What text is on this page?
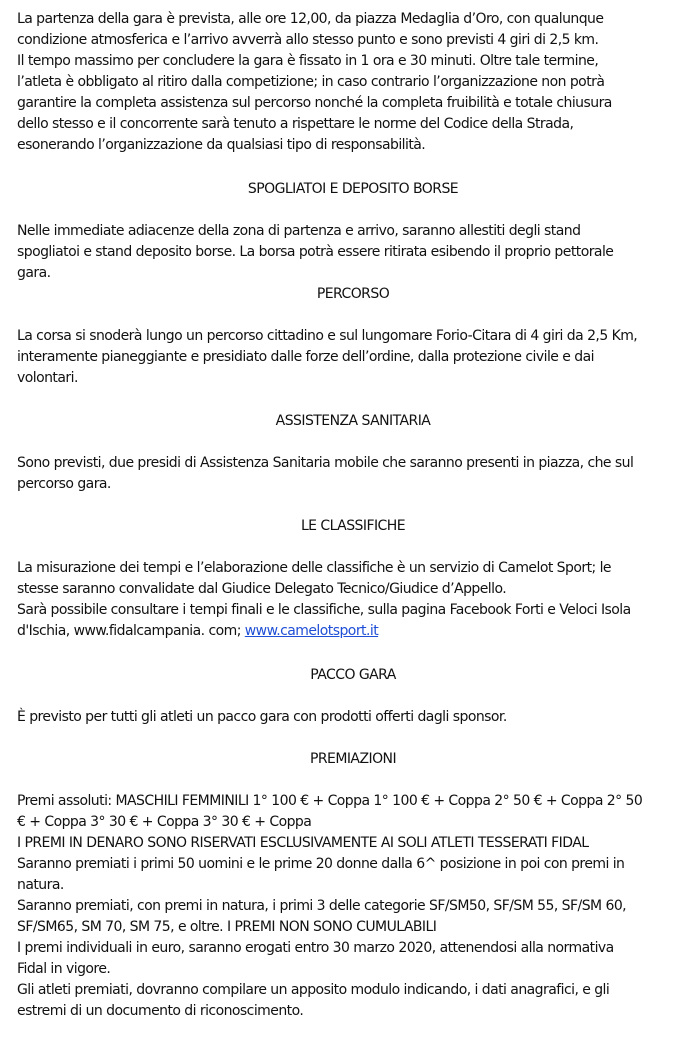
La partenza della gara è prevista, alle ore 12,00, da piazza Medaglia d’Oro, con qualunque
condizione atmosferica e l’arrivo avverrà allo stesso punto e sono previsti 4 giri di 2,5 km.
Il tempo massimo per concludere la gara è fissato in 1 ora e 30 minuti. Oltre tale termine,
l’atleta è obbligato al ritiro dalla competizione; in caso contrario l’organizzazione non potrà
garantire la completa assistenza sul percorso nonché la completa fruibilità e totale chiusura
dello stesso e il concorrente sarà tenuto a rispettare le norme del Codice della Strada,
esonerando l’organizzazione da qualsiasi tipo di responsabilità.
SPOGLIATOI E DEPOSITO BORSE
Nelle immediate adiacenze della zona di partenza e arrivo, saranno allestiti degli stand
spogliatoi e stand deposito borse. La borsa potrà essere ritirata esibendo il proprio pettorale
gara.
PERCORSO
La corsa si snoderà lungo un percorso cittadino e sul lungomare Forio-Citara di 4 giri da 2,5 Km,
interamente pianeggiante e presidiato dalle forze dell’ordine, dalla protezione civile e dai
volontari.
ASSISTENZA SANITARIA
Sono previsti, due presidi di Assistenza Sanitaria mobile che saranno presenti in piazza, che sul
percorso gara.
LE CLASSIFICHE
La misurazione dei tempi e l’elaborazione delle classifiche è un servizio di Camelot Sport; le
stesse saranno convalidate dal Giudice Delegato Tecnico/Giudice d’Appello.
Sarà possibile consultare i tempi finali e le classifiche, sulla pagina Facebook Forti e Veloci Isola
d'Ischia, www.fidalcampania. com; www.camelotsport.it
PACCO GARA
È previsto per tutti gli atleti un pacco gara con prodotti offerti dagli sponsor.
PREMIAZIONI
Premi assoluti: MASCHILI FEMMINILI 1° 100 € + Coppa 1° 100 € + Coppa 2° 50 € + Coppa 2° 50
€ + Coppa 3° 30 € + Coppa 3° 30 € + Coppa
I PREMI IN DENARO SONO RISERVATI ESCLUSIVAMENTE AI SOLI ATLETI TESSERATI FIDAL
Saranno premiati i primi 50 uomini e le prime 20 donne dalla 6^ posizione in poi con premi in
natura.
Saranno premiati, con premi in natura, i primi 3 delle categorie SF/SM50, SF/SM 55, SF/SM 60,
SF/SM65, SM 70, SM 75, e oltre. I PREMI NON SONO CUMULABILI
I premi individuali in euro, saranno erogati entro 30 marzo 2020, attenendosi alla normativa
Fidal in vigore.
Gli atleti premiati, dovranno compilare un apposito modulo indicando, i dati anagrafici, e gli
estremi di un documento di riconoscimento.
